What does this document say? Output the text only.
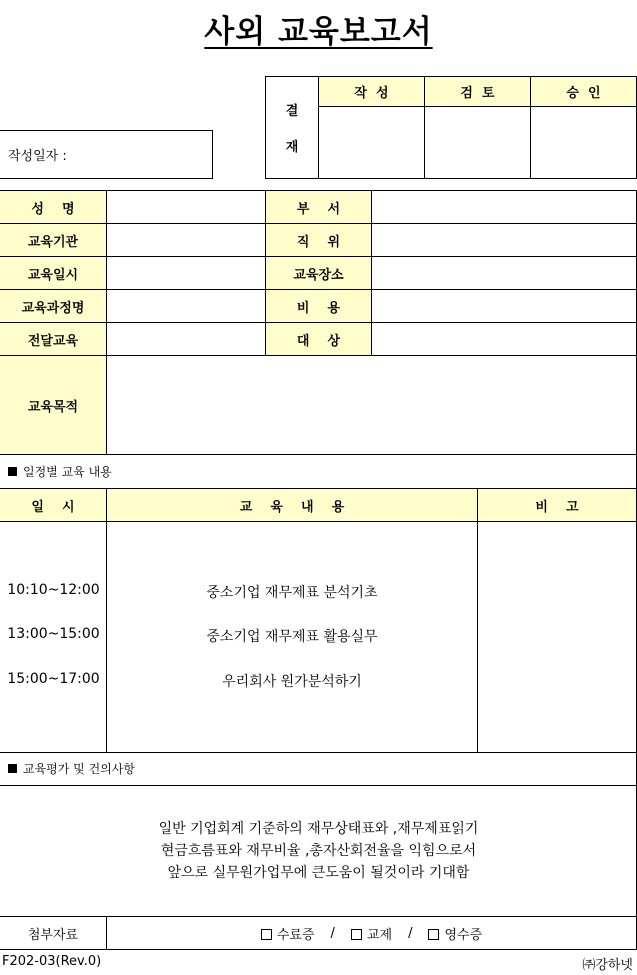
사외 교육보고서
작성일자 :
결
재
작  성	검  토	승  인
성    명	부    서
교육기관	직    위
교육일시	교육장소
교육과정명	비    용
전달교육	대    상
교육목적
일정별 교육 내용
일    시	교    육    내    용	비    고
10:10~12:00	중소기업 재무제표 분석기초
13:00~15:00	중소기업 재무제표 활용실무
15:00~17:00	우리회사 원가분석하기
교육평가 및 건의사항
일반 기업회계 기준하의 재무상태표와 ,재무제표읽기
현금흐름표와 재무비율 ,총자산회전율을 익힘으로서
앞으로 실무원가업무에 큰도움이 될것이라 기대함
첨부자료	수료증 /	교제 /	영수증
F202-03(Rev.0)	㈜강하넷
